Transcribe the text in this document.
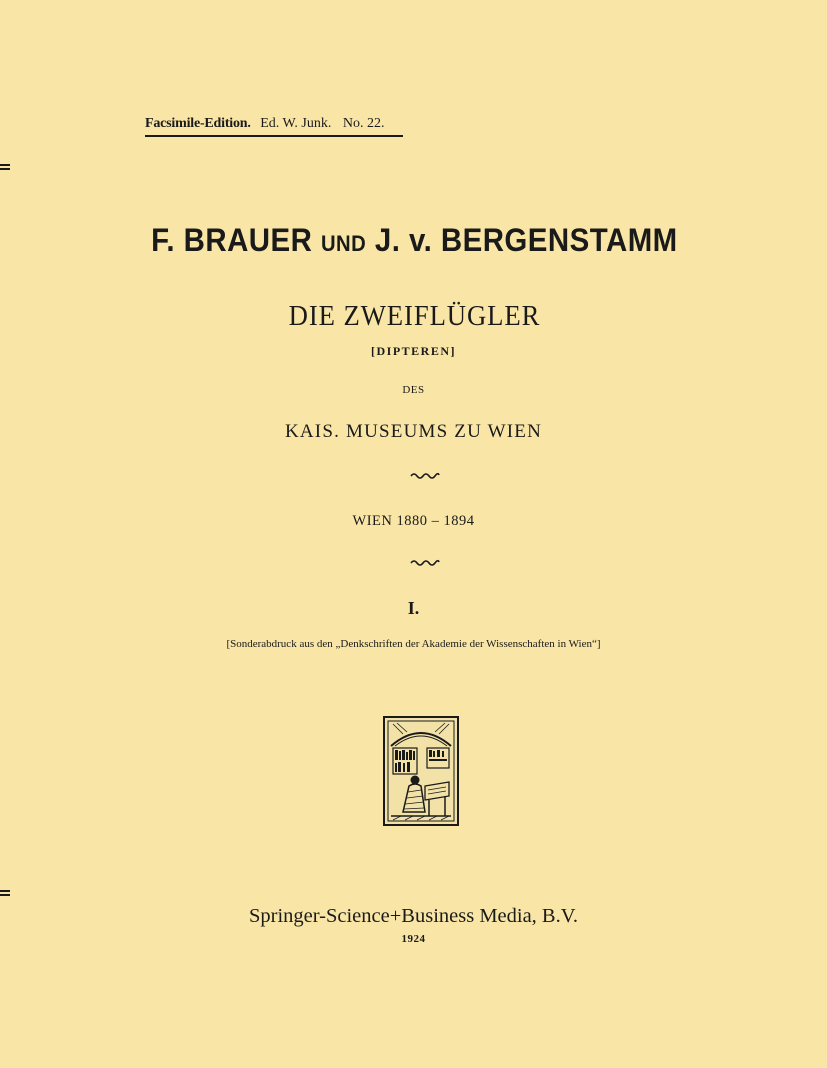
Facsimile-Edition. Ed. W. Junk. No. 22.
F. BRAUER UND J. v. BERGENSTAMM
DIE ZWEIFLÜGLER
[DIPTEREN]
DES
KAIS. MUSEUMS ZU WIEN
WIEN 1880 – 1894
I.
[Sonderabdruck aus den „Denkschriften der Akademie der Wissenschaften in Wien“]
Springer-Science+Business Media, B.V.
1924
